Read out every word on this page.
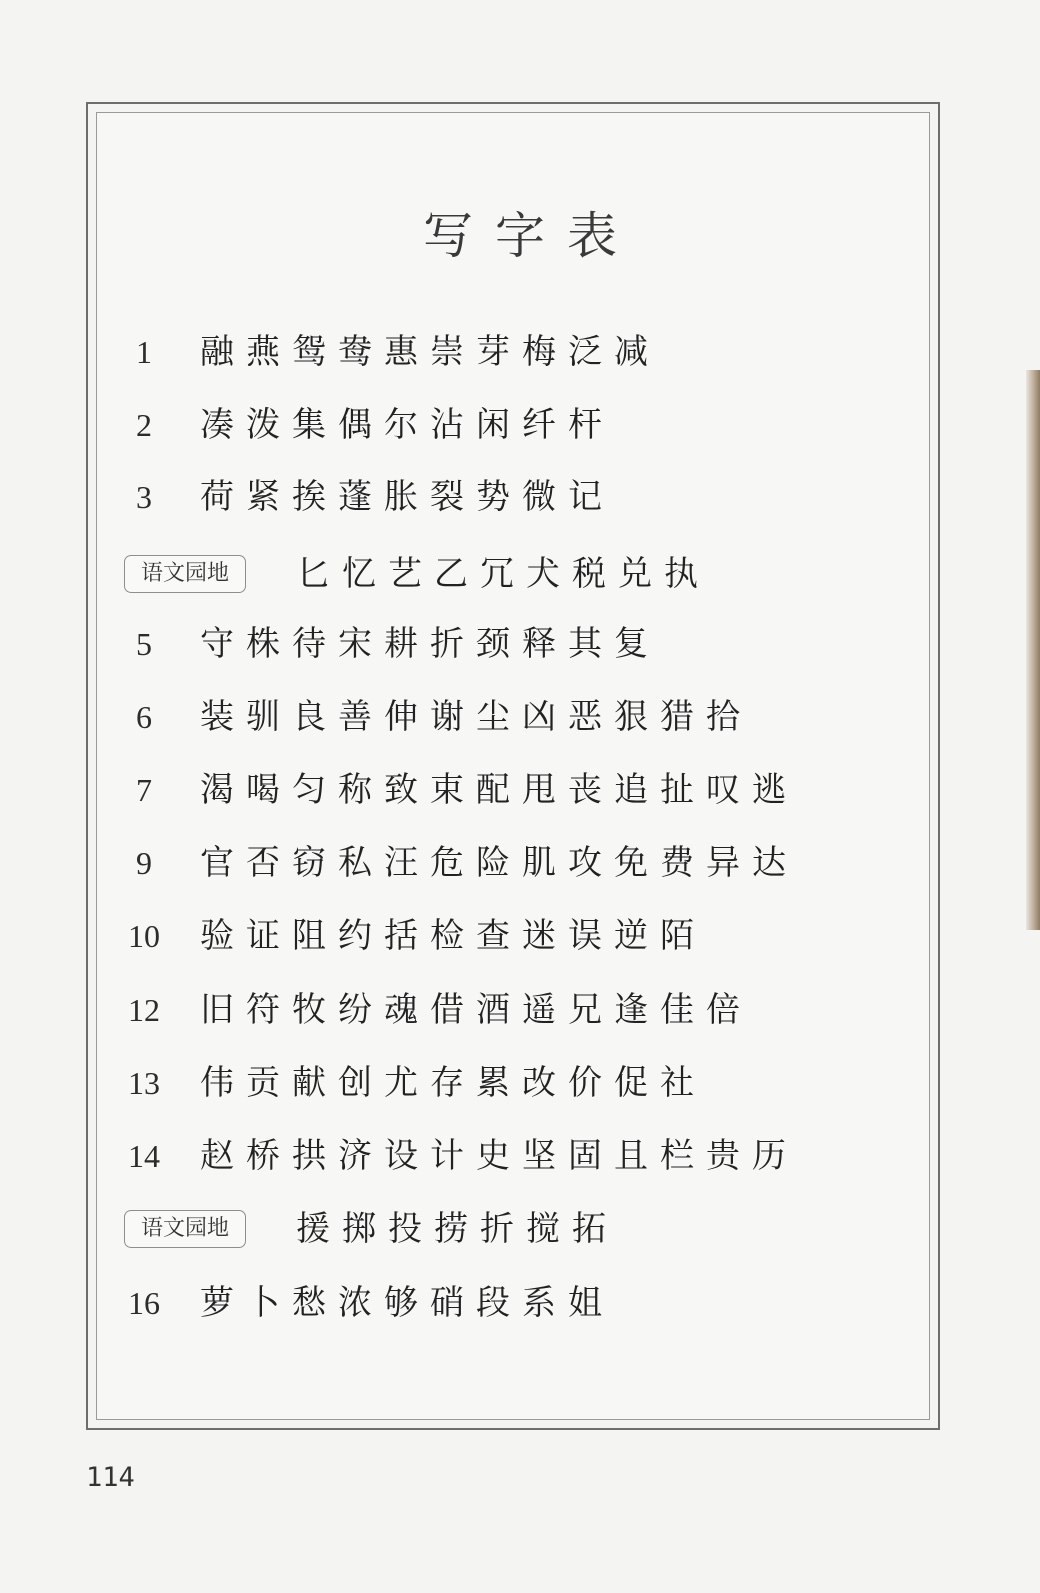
写字表
1	融燕鸳鸯惠崇芽梅泛减
2	凑泼集偶尔沾闲纤杆
3	荷紧挨蓬胀裂势微记
语文园地	匕忆艺乙冗犬税兑执
5	守株待宋耕折颈释其复
6	装驯良善伸谢尘凶恶狠猎拾
7	渴喝匀称致束配甩丧追扯叹逃
9	官否窃私汪危险肌攻免费异达
10 验证阻约括检查迷误逆陌
12 旧符牧纷魂借酒遥兄逢佳倍
13 伟贡献创尤存累改价促社
14 赵桥拱济设计史坚固且栏贵历
语文园地	援掷投捞折搅拓
16 萝卜愁浓够硝段系姐
114
